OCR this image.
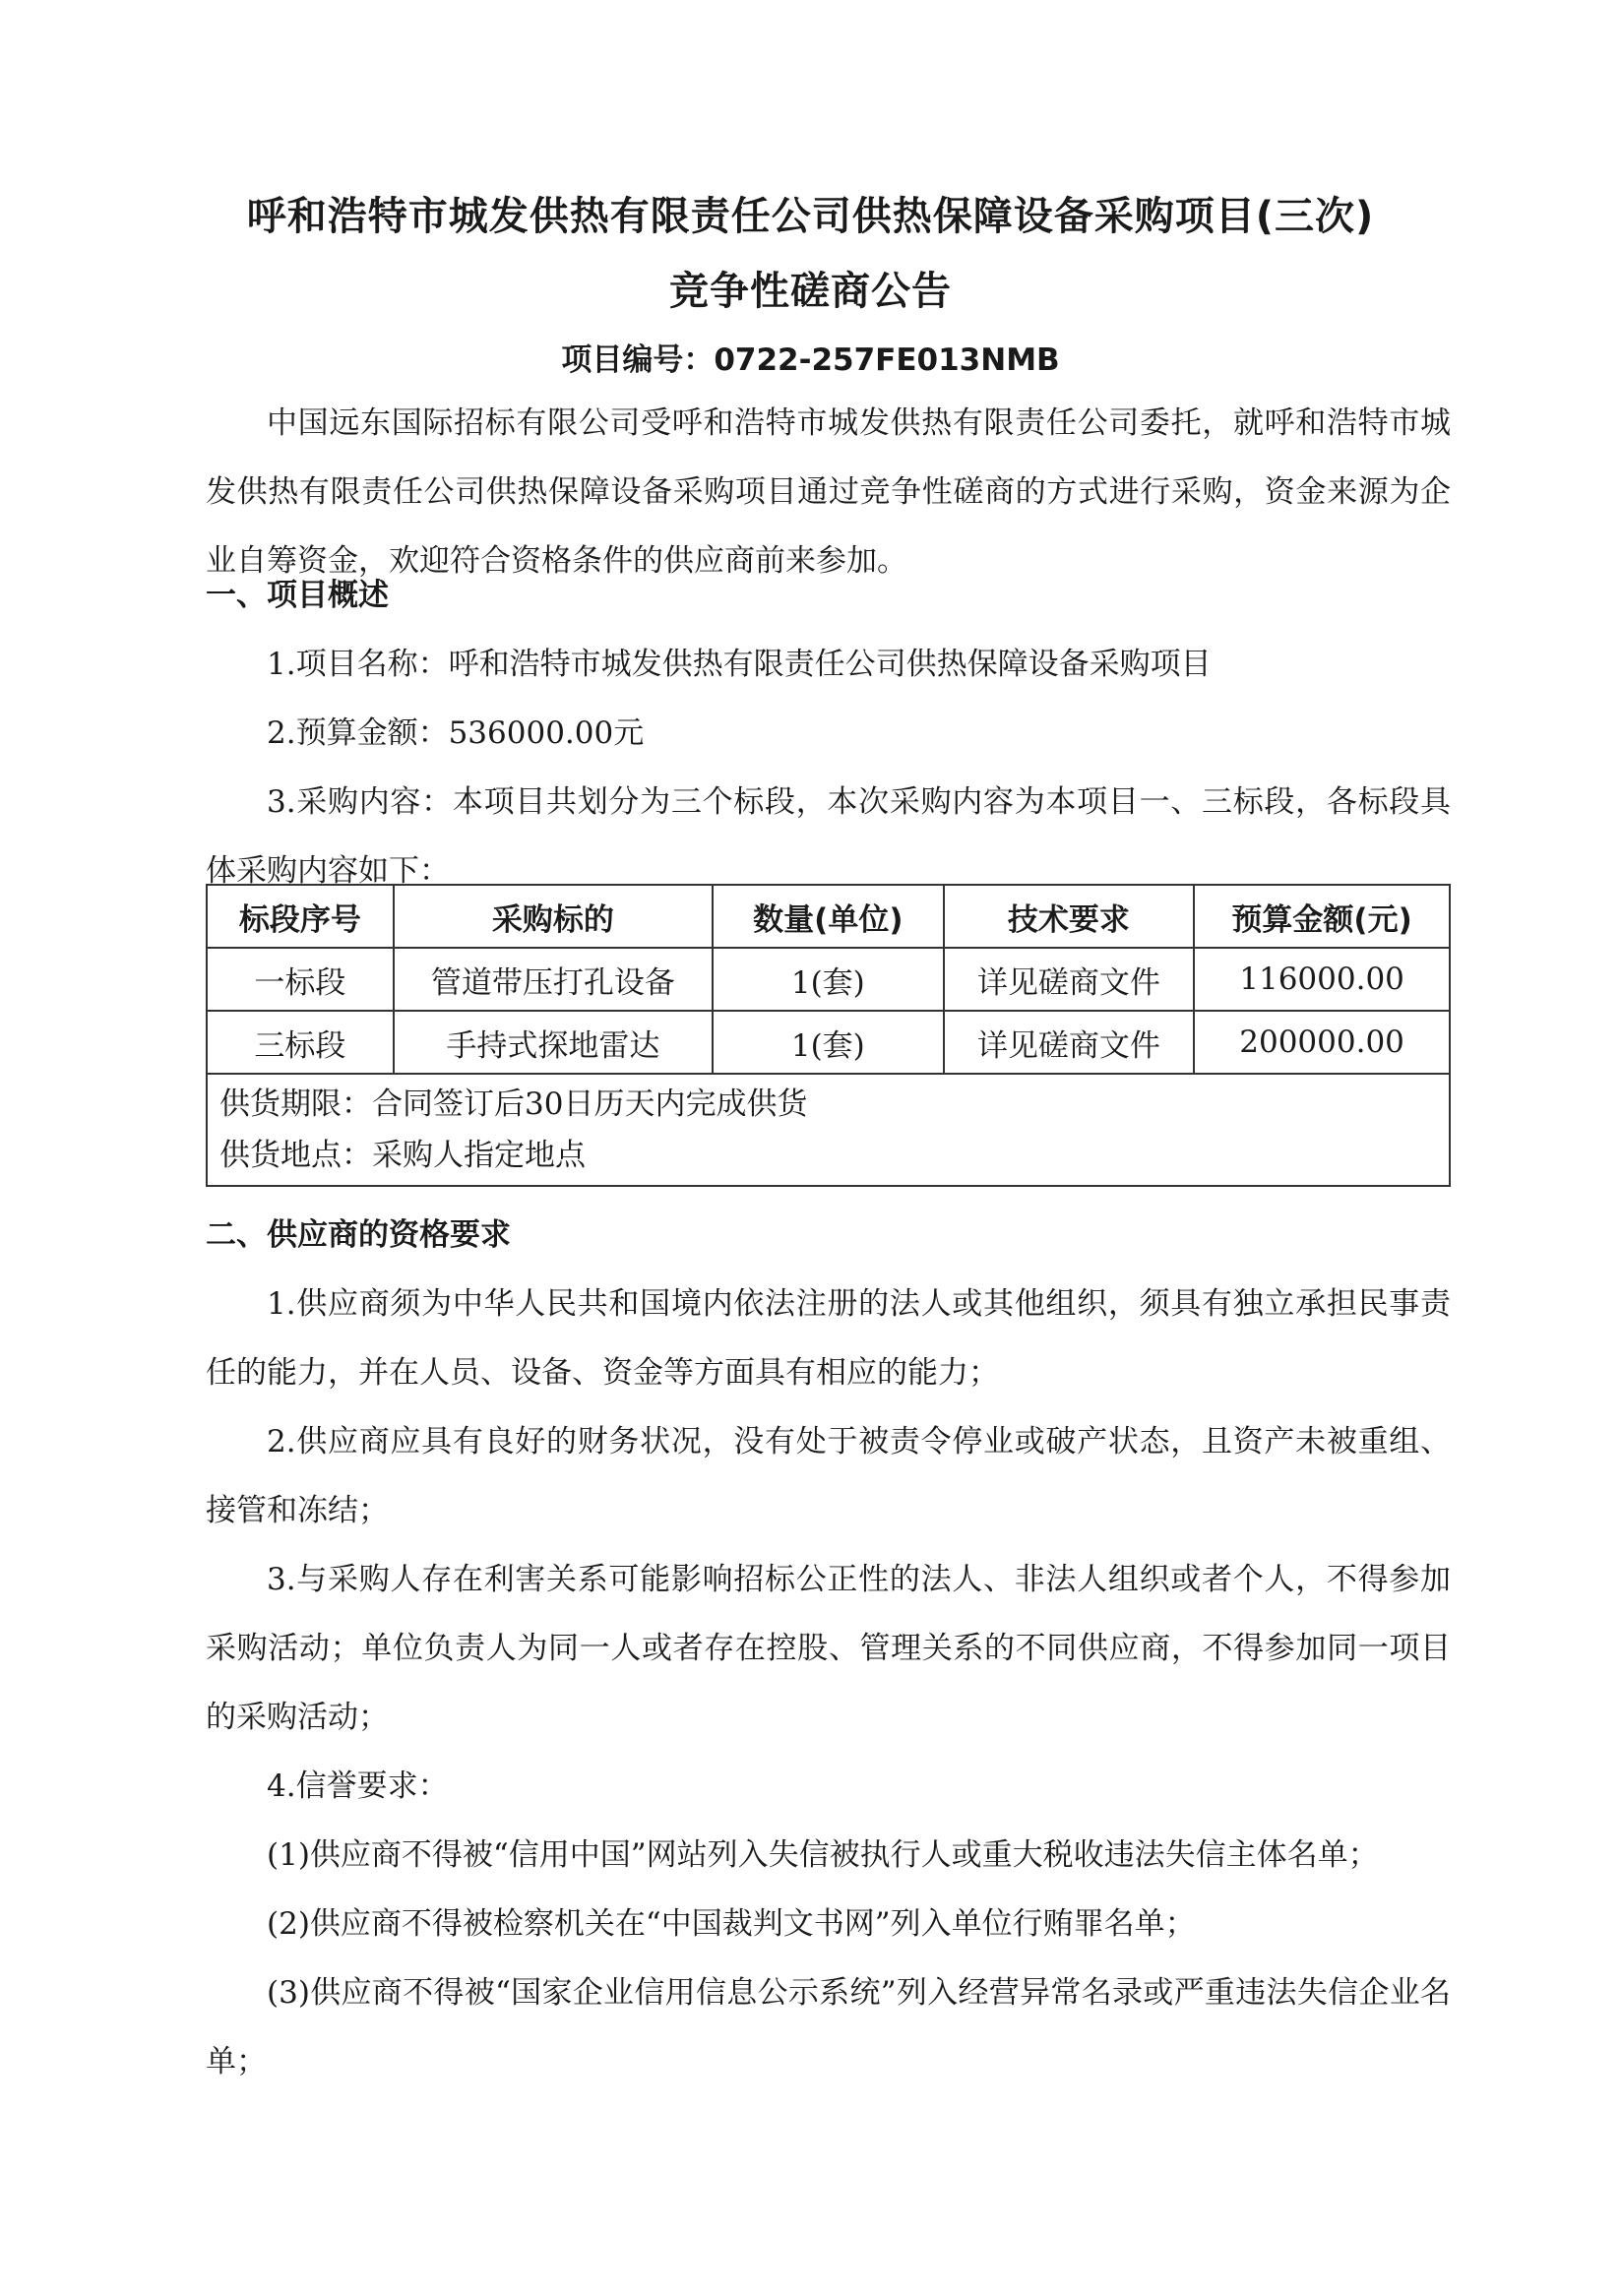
呼和浩特市城发供热有限责任公司供热保障设备采购项目(三次)
竞争性磋商公告
项目编号：0722-257FE013NMB

中国远东国际招标有限公司受呼和浩特市城发供热有限责任公司委托，就呼和浩特市城发供热有限责任公司供热保障设备采购项目通过竞争性磋商的方式进行采购，资金来源为企业自筹资金，欢迎符合资格条件的供应商前来参加。

一、项目概述

1.项目名称：呼和浩特市城发供热有限责任公司供热保障设备采购项目

2.预算金额：536000.00元

3.采购内容：本项目共划分为三个标段，本次采购内容为本项目一、三标段，各标段具体采购内容如下：

标段序号	采购标的	数量(单位)	技术要求	预算金额(元)
一标段	管道带压打孔设备	1(套)	详见磋商文件	116000.00
三标段	手持式探地雷达	1(套)	详见磋商文件	200000.00

供货期限：合同签订后30日历天内完成供货
供货地点：采购人指定地点				

二、供应商的资格要求

1.供应商须为中华人民共和国境内依法注册的法人或其他组织，须具有独立承担民事责任的能力，并在人员、设备、资金等方面具有相应的能力；

2.供应商应具有良好的财务状况，没有处于被责令停业或破产状态，且资产未被重组、接管和冻结；

3.与采购人存在利害关系可能影响招标公正性的法人、非法人组织或者个人，不得参加采购活动；单位负责人为同一人或者存在控股、管理关系的不同供应商，不得参加同一项目的采购活动；

4.信誉要求：

(1)供应商不得被“信用中国”网站列入失信被执行人或重大税收违法失信主体名单；

(2)供应商不得被检察机关在“中国裁判文书网”列入单位行贿罪名单；

(3)供应商不得被“国家企业信用信息公示系统”列入经营异常名录或严重违法失信企业名单；
